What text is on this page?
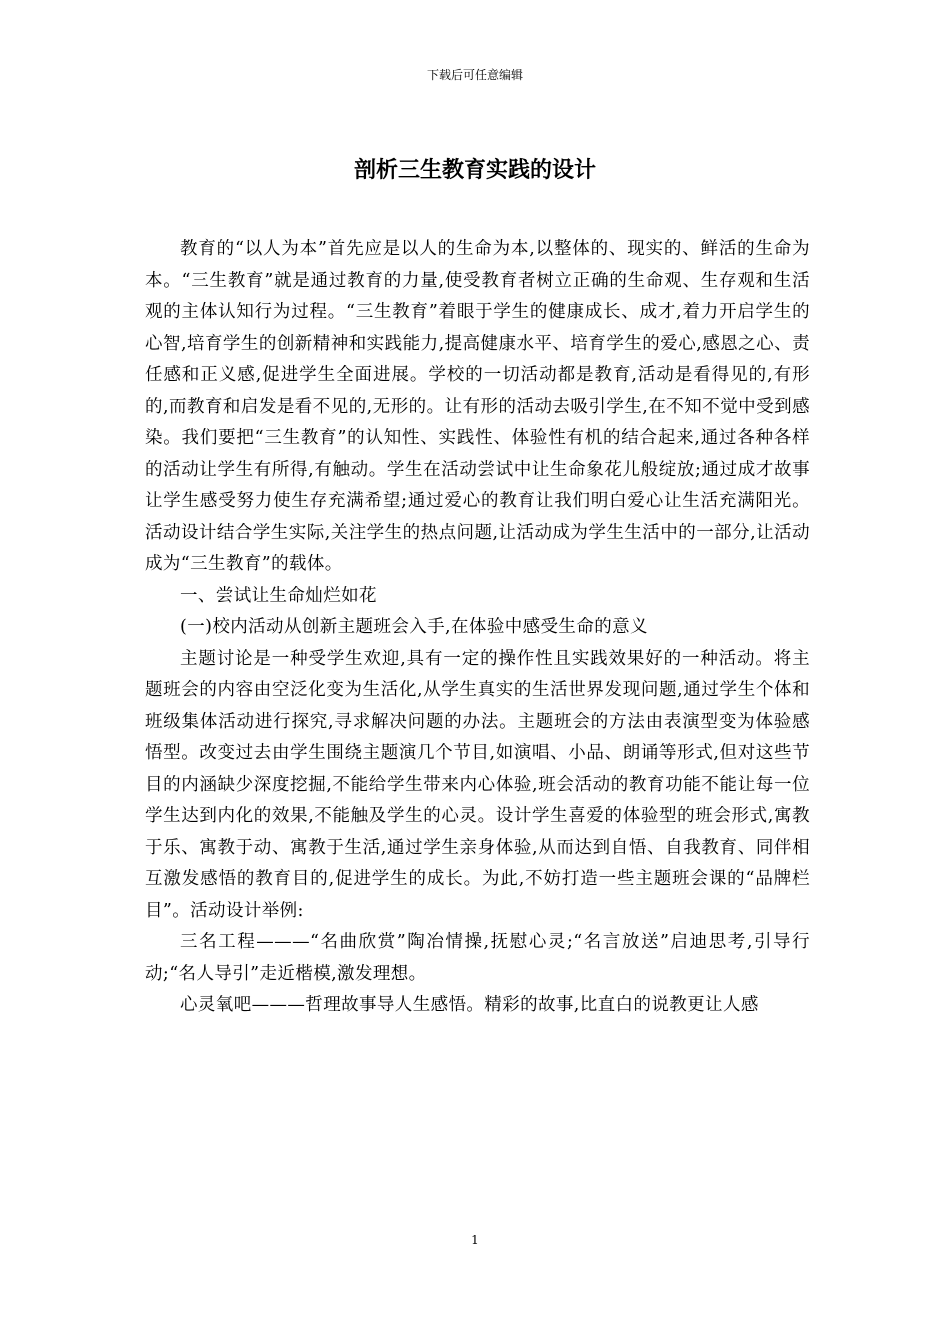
下载后可任意编辑
剖析三生教育实践的设计

教育的“以人为本”首先应是以人的生命为本,以整体的、现实的、鲜活的生命为本。“三生教育”就是通过教育的力量,使受教育者树立正确的生命观、生存观和生活观的主体认知行为过程。“三生教育”着眼于学生的健康成长、成才,着力开启学生的心智,培育学生的创新精神和实践能力,提高健康水平、培育学生的爱心,感恩之心、责任感和正义感,促进学生全面进展。学校的一切活动都是教育,活动是看得见的,有形的,而教育和启发是看不见的,无形的。让有形的活动去吸引学生,在不知不觉中受到感染。我们要把“三生教育”的认知性、实践性、体验性有机的结合起来,通过各种各样的活动让学生有所得,有触动。学生在活动尝试中让生命象花儿般绽放;通过成才故事让学生感受努力使生存充满希望;通过爱心的教育让我们明白爱心让生活充满阳光。活动设计结合学生实际,关注学生的热点问题,让活动成为学生生活中的一部分,让活动成为“三生教育”的载体。

一、尝试让生命灿烂如花

(一)校内活动从创新主题班会入手,在体验中感受生命的意义

主题讨论是一种受学生欢迎,具有一定的操作性且实践效果好的一种活动。将主题班会的内容由空泛化变为生活化,从学生真实的生活世界发现问题,通过学生个体和班级集体活动进行探究,寻求解决问题的办法。主题班会的方法由表演型变为体验感悟型。改变过去由学生围绕主题演几个节目,如演唱、小品、朗诵等形式,但对这些节目的内涵缺少深度挖掘,不能给学生带来内心体验,班会活动的教育功能不能让每一位学生达到内化的效果,不能触及学生的心灵。设计学生喜爱的体验型的班会形式,寓教于乐、寓教于动、寓教于生活,通过学生亲身体验,从而达到自悟、自我教育、同伴相互激发感悟的教育目的,促进学生的成长。为此,不妨打造一些主题班会课的“品牌栏目”。活动设计举例:

三名工程———“名曲欣赏”陶冶情操,抚慰心灵;“名言放送”启迪思考,引导行动;“名人导引”走近楷模,激发理想。

心灵氧吧———哲理故事导人生感悟。精彩的故事,比直白的说教更让人感

1
